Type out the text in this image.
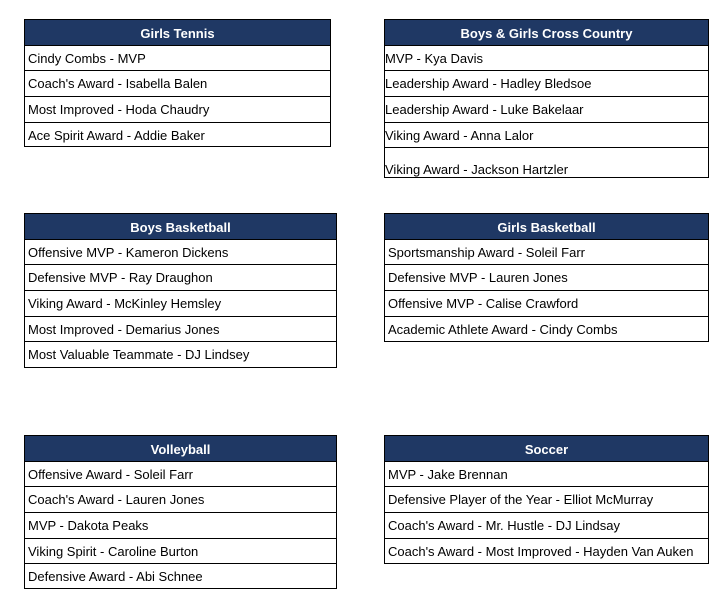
Girls Tennis
Cindy Combs - MVP
Coach's Award - Isabella Balen
Most Improved - Hoda Chaudry
Ace Spirit Award - Addie Baker
Boys & Girls Cross Country
MVP - Kya Davis
Leadership Award - Hadley Bledsoe
Leadership Award - Luke Bakelaar
Viking Award - Anna Lalor
Viking Award - Jackson Hartzler
Boys Basketball
Offensive MVP - Kameron Dickens
Defensive MVP - Ray Draughon
Viking Award - McKinley Hemsley
Most Improved - Demarius Jones
Most Valuable Teammate - DJ Lindsey
Girls Basketball
Sportsmanship Award - Soleil Farr
Defensive MVP - Lauren Jones
Offensive MVP - Calise Crawford
Academic Athlete Award - Cindy Combs
Volleyball
Offensive Award - Soleil Farr
Coach's Award - Lauren Jones
MVP - Dakota Peaks
Viking Spirit - Caroline Burton
Defensive Award - Abi Schnee
Soccer
MVP - Jake Brennan
Defensive Player of the Year - Elliot McMurray
Coach's Award - Mr. Hustle - DJ Lindsay
Coach's Award - Most Improved - Hayden Van Auken
